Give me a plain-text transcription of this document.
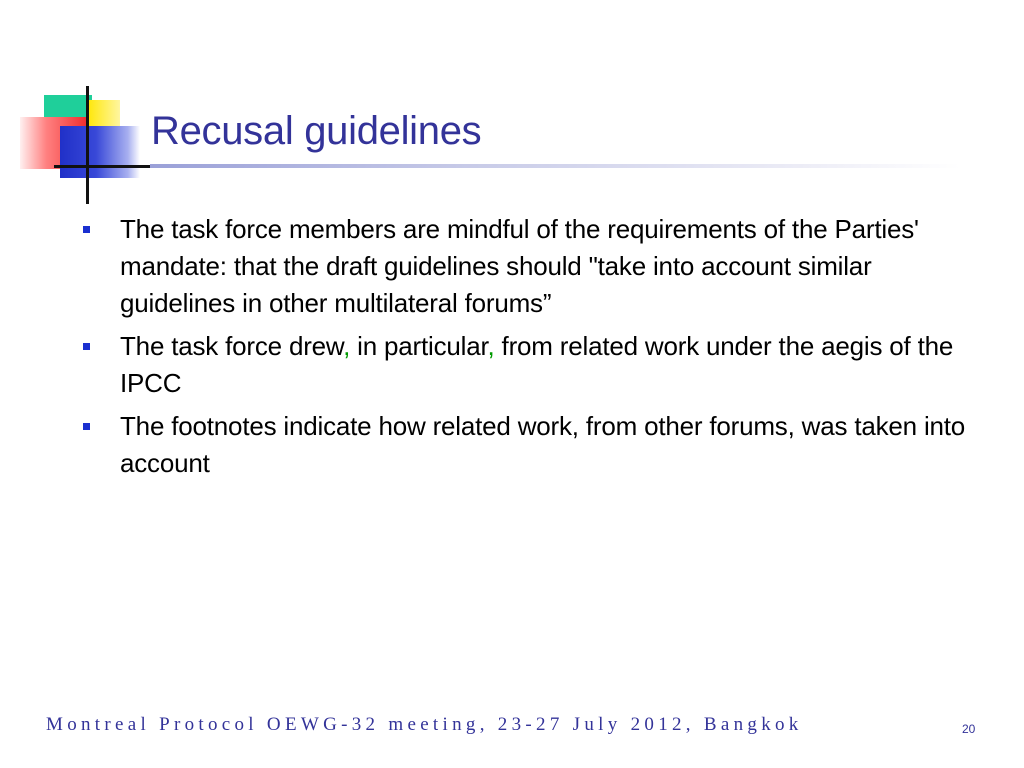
Recusal guidelines
The task force members are mindful of the requirements of the Parties' mandate: that the draft guidelines should "take into account similar guidelines in other multilateral forums”
The task force drew, in particular, from related work under the aegis of the IPCC
The footnotes indicate how related work, from other forums, was taken into account
Montreal Protocol OEWG-32 meeting, 23-27 July 2012, Bangkok	20
